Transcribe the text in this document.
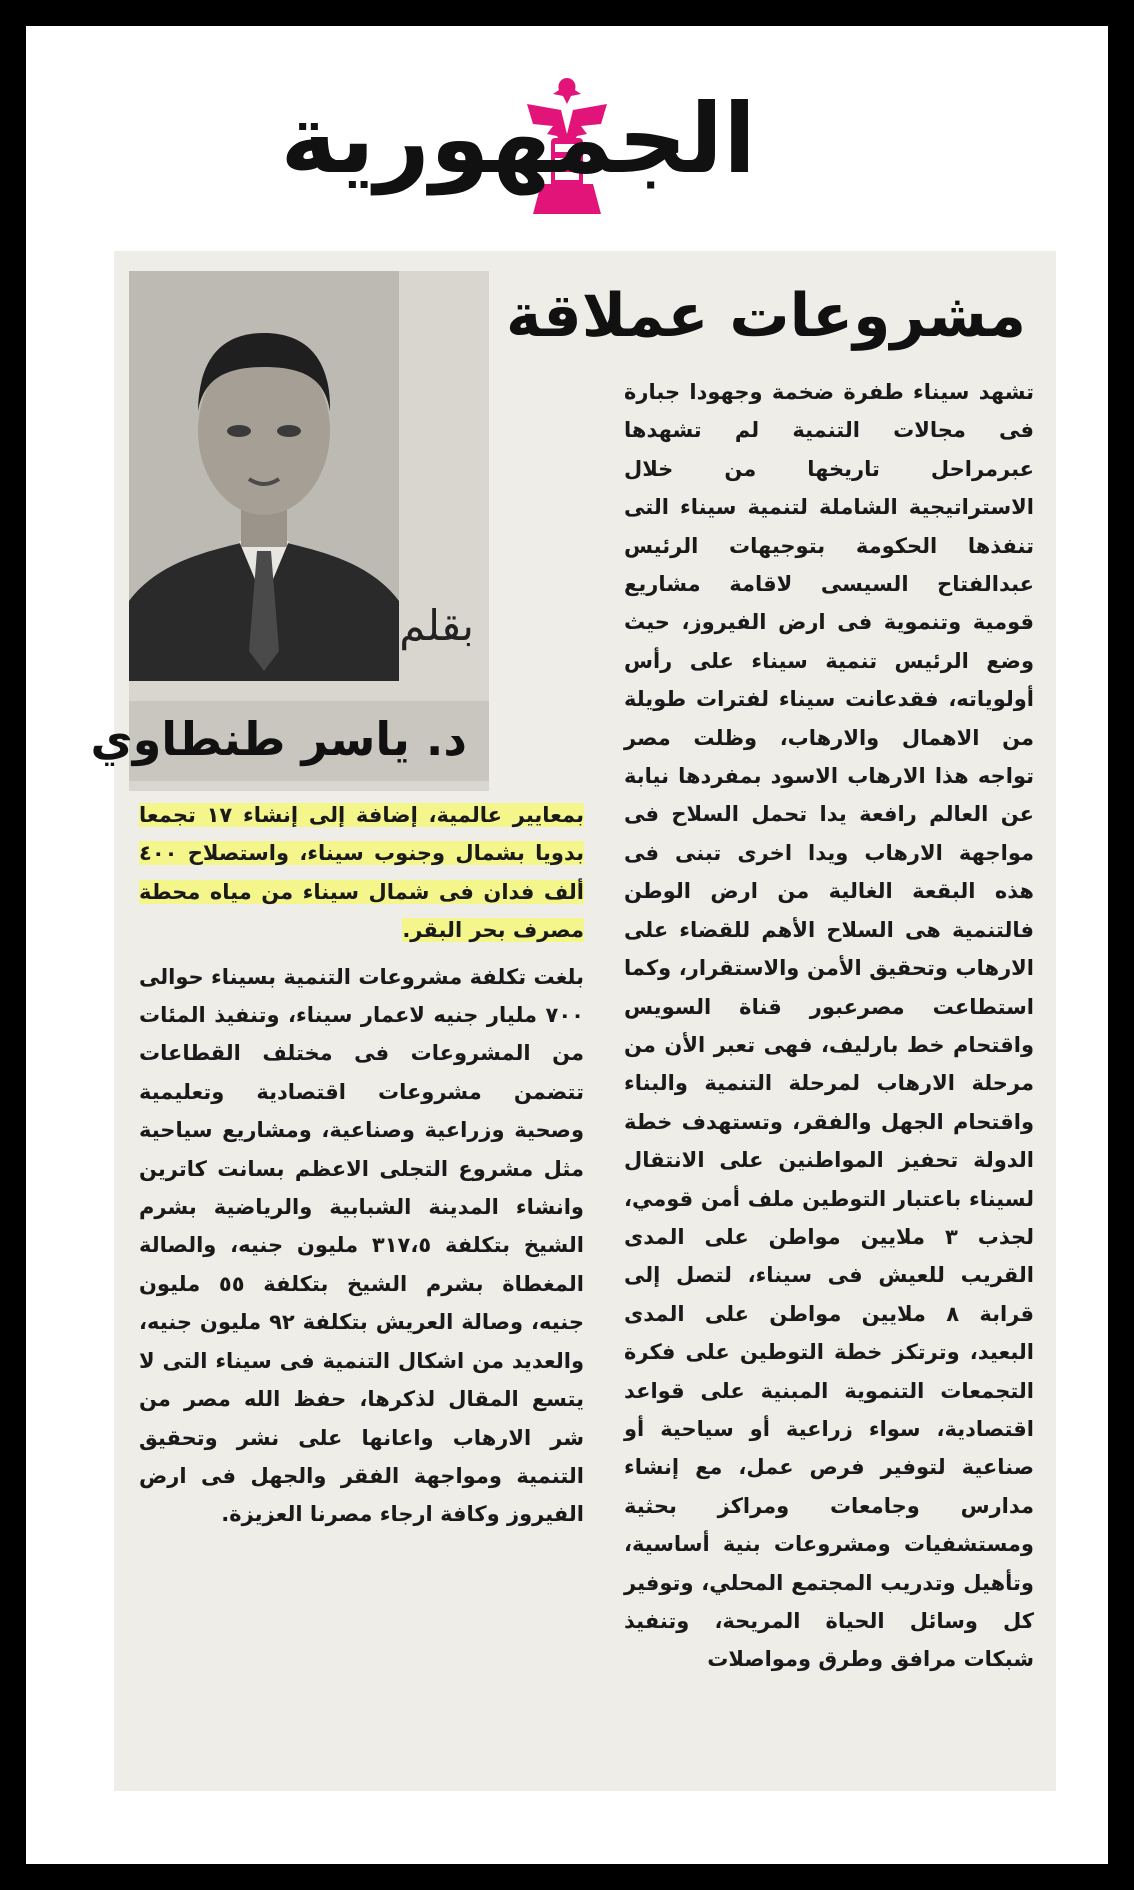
الجمهورية
مشروعات عملاقة
بقلم
د. ياسر طنطاوي
تشهد سيناء طفرة ضخمة وجهودا جبارة فى مجالات التنمية لم تشهدها عبرمراحل تاريخها من خلال الاستراتيجية الشاملة لتنمية سيناء التى تنفذها الحكومة بتوجيهات الرئيس عبدالفتاح السيسى لاقامة مشاريع قومية وتنموية فى ارض الفيروز، حيث وضع الرئيس تنمية سيناء على رأس أولوياته، فقدعانت سيناء لفترات طويلة من الاهمال والارهاب، وظلت مصر تواجه هذا الارهاب الاسود بمفردها نيابة عن العالم رافعة يدا تحمل السلاح فى مواجهة الارهاب ويدا اخرى تبنى فى هذه البقعة الغالية من ارض الوطن فالتنمية هى السلاح الأهم للقضاء على الارهاب وتحقيق الأمن والاستقرار، وكما استطاعت مصرعبور قناة السويس واقتحام خط بارليف، فهى تعبر الأن من مرحلة الارهاب لمرحلة التنمية والبناء واقتحام الجهل والفقر، وتستهدف خطة الدولة تحفيز المواطنين على الانتقال لسيناء باعتبار التوطين ملف أمن قومي، لجذب ٣ ملايين مواطن على المدى القريب للعيش فى سيناء، لتصل إلى قرابة ٨ ملايين مواطن على المدى البعيد، وترتكز خطة التوطين على فكرة التجمعات التنموية المبنية على قواعد اقتصادية، سواء زراعية أو سياحية أو صناعية لتوفير فرص عمل، مع إنشاء مدارس وجامعات ومراكز بحثية ومستشفيات ومشروعات بنية أساسية، وتأهيل وتدريب المجتمع المحلي، وتوفير كل وسائل الحياة المريحة، وتنفيذ شبكات مرافق وطرق ومواصلات
بمعايير عالمية، إضافة إلى إنشاء ١٧ تجمعا بدويا بشمال وجنوب سيناء، واستصلاح ٤٠٠ ألف فدان فى شمال سيناء من مياه محطة مصرف بحر البقر.
بلغت تكلفة مشروعات التنمية بسيناء حوالى ٧٠٠ مليار جنيه لاعمار سيناء، وتنفيذ المئات من المشروعات فى مختلف القطاعات تتضمن مشروعات اقتصادية وتعليمية وصحية وزراعية وصناعية، ومشاريع سياحية مثل مشروع التجلى الاعظم بسانت كاترين وانشاء المدينة الشبابية والرياضية بشرم الشيخ بتكلفة ٣١٧،٥ مليون جنيه، والصالة المغطاة بشرم الشيخ بتكلفة ٥٥ مليون جنيه، وصالة العريش بتكلفة ٩٢ مليون جنيه، والعديد من اشكال التنمية فى سيناء التى لا يتسع المقال لذكرها، حفظ الله مصر من شر الارهاب واعانها على نشر وتحقيق التنمية ومواجهة الفقر والجهل فى ارض الفيروز وكافة ارجاء مصرنا العزيزة.
